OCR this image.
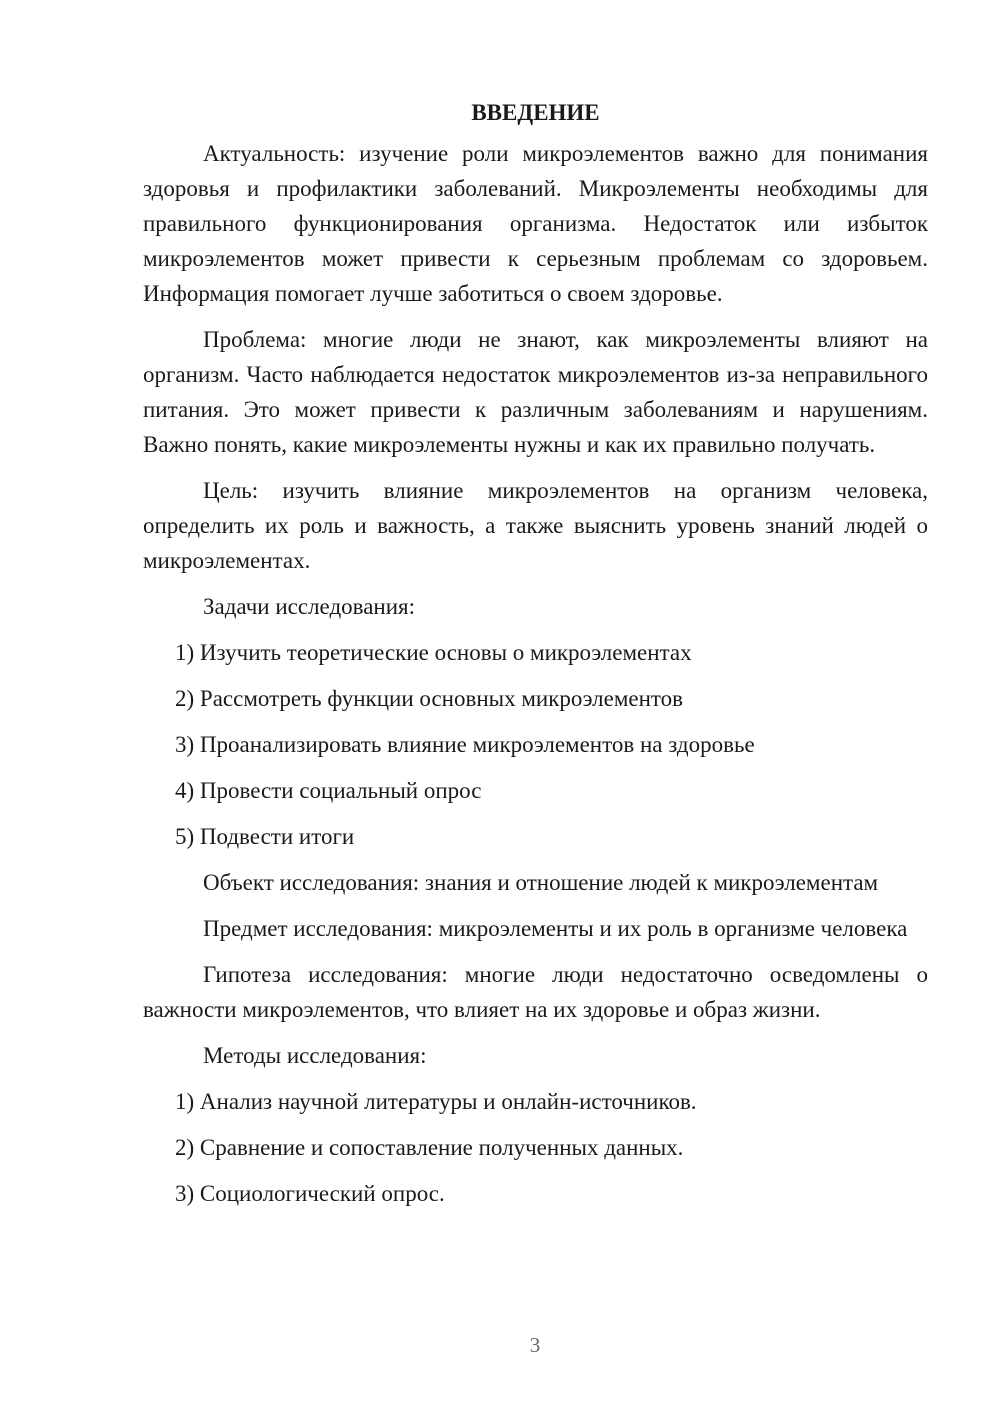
ВВЕДЕНИЕ

Актуальность: изучение роли микроэлементов важно для понимания здоровья и профилактики заболеваний. Микроэлементы необходимы для правильного функционирования организма. Недостаток или избыток микроэлементов может привести к серьезным проблемам со здоровьем. Информация помогает лучше заботиться о своем здоровье.

Проблема: многие люди не знают, как микроэлементы влияют на организм. Часто наблюдается недостаток микроэлементов из-за неправильного питания. Это может привести к различным заболеваниям и нарушениям. Важно понять, какие микроэлементы нужны и как их правильно получать.

Цель: изучить влияние микроэлементов на организм человека, определить их роль и важность, а также выяснить уровень знаний людей о микроэлементах.

Задачи исследования:

1) Изучить теоретические основы о микроэлементах
2) Рассмотреть функции основных микроэлементов
3) Проанализировать влияние микроэлементов на здоровье
4) Провести социальный опрос
5) Подвести итоги

Объект исследования: знания и отношение людей к микроэлементам

Предмет исследования: микроэлементы и их роль в организме человека

Гипотеза исследования: многие люди недостаточно осведомлены о важности микроэлементов, что влияет на их здоровье и образ жизни.

Методы исследования:

1) Анализ научной литературы и онлайн-источников.
2) Сравнение и сопоставление полученных данных.
3) Социологический опрос.
3
